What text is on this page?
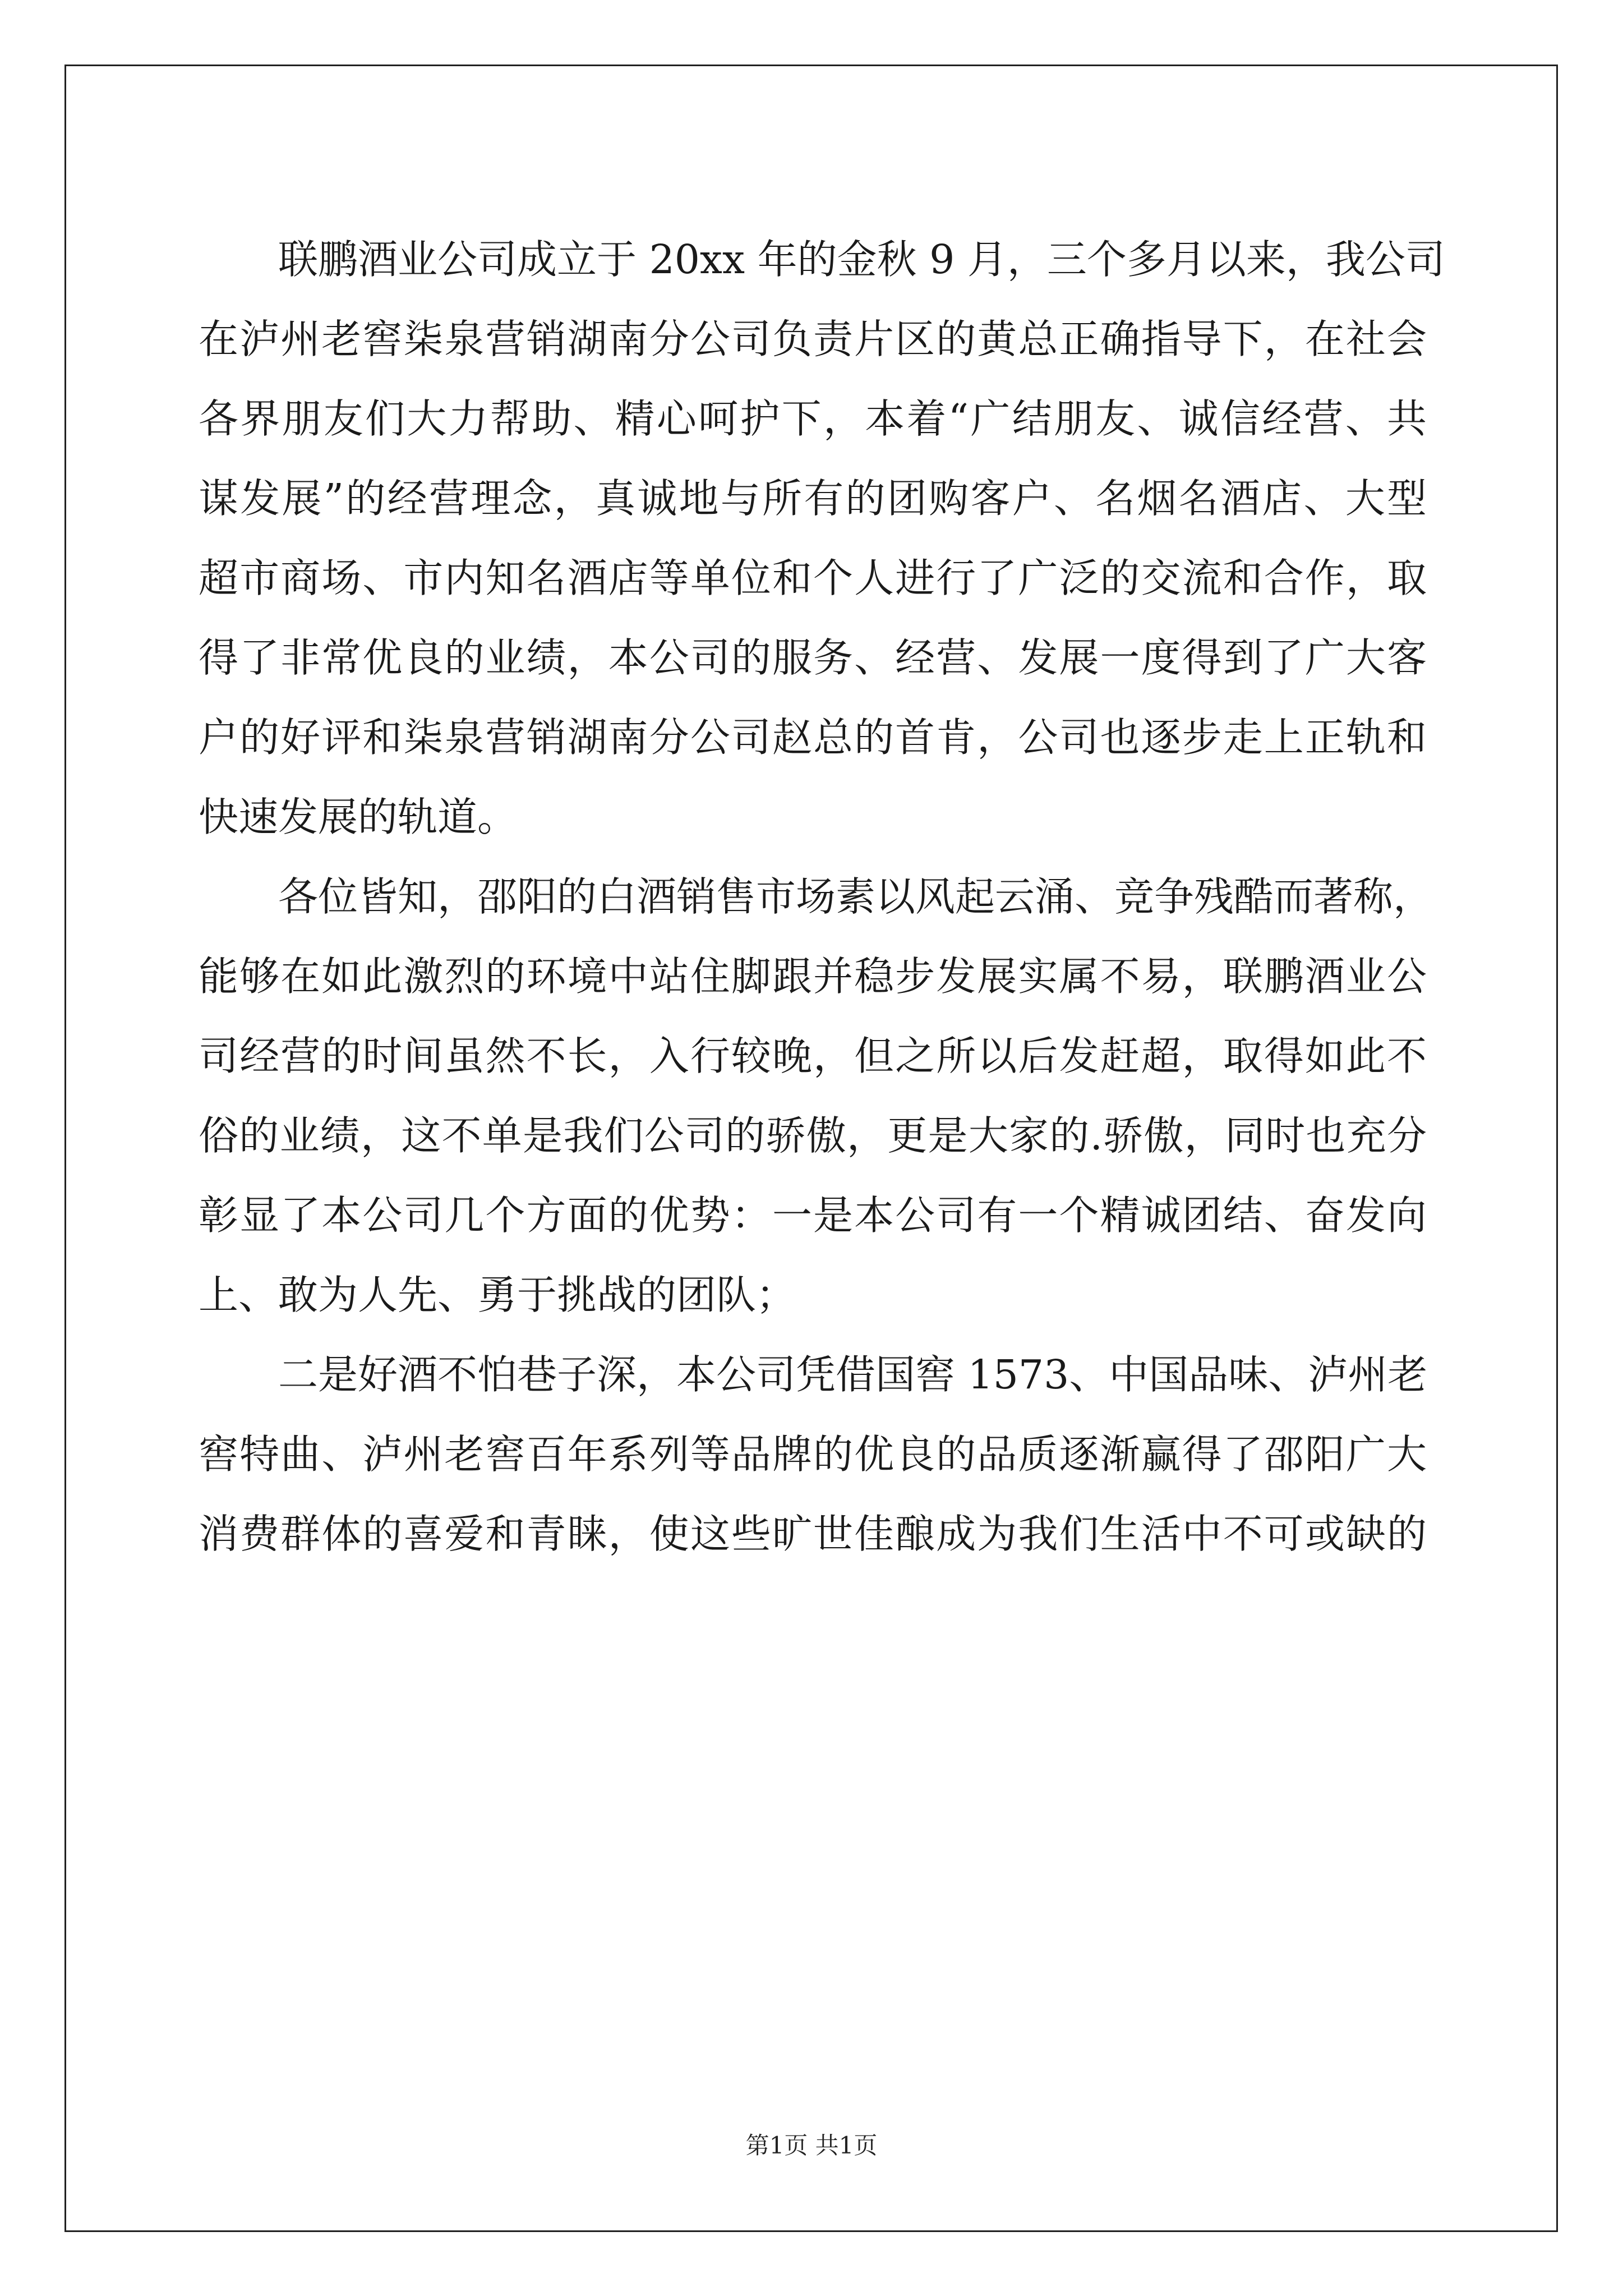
联鹏酒业公司成立于 20xx 年的金秋 9 月，三个多月以来，我公司
在泸州老窖柒泉营销湖南分公司负责片区的黄总正确指导下，在社会
各界朋友们大力帮助、精心呵护下，本着“广结朋友、诚信经营、共
谋发展”的经营理念，真诚地与所有的团购客户、名烟名酒店、大型
超市商场、市内知名酒店等单位和个人进行了广泛的交流和合作，取
得了非常优良的业绩，本公司的服务、经营、发展一度得到了广大客
户的好评和柒泉营销湖南分公司赵总的首肯，公司也逐步走上正轨和
快速发展的轨道。
各位皆知，邵阳的白酒销售市场素以风起云涌、竞争残酷而著称，
能够在如此激烈的环境中站住脚跟并稳步发展实属不易，联鹏酒业公
司经营的时间虽然不长，入行较晚，但之所以后发赶超，取得如此不
俗的业绩，这不单是我们公司的骄傲，更是大家的.骄傲，同时也充分
彰显了本公司几个方面的优势：一是本公司有一个精诚团结、奋发向
上、敢为人先、勇于挑战的团队；
二是好酒不怕巷子深，本公司凭借国窖 1573、中国品味、泸州老
窖特曲、泸州老窖百年系列等品牌的优良的品质逐渐赢得了邵阳广大
消费群体的喜爱和青睐，使这些旷世佳酿成为我们生活中不可或缺的
第1页 共1页
